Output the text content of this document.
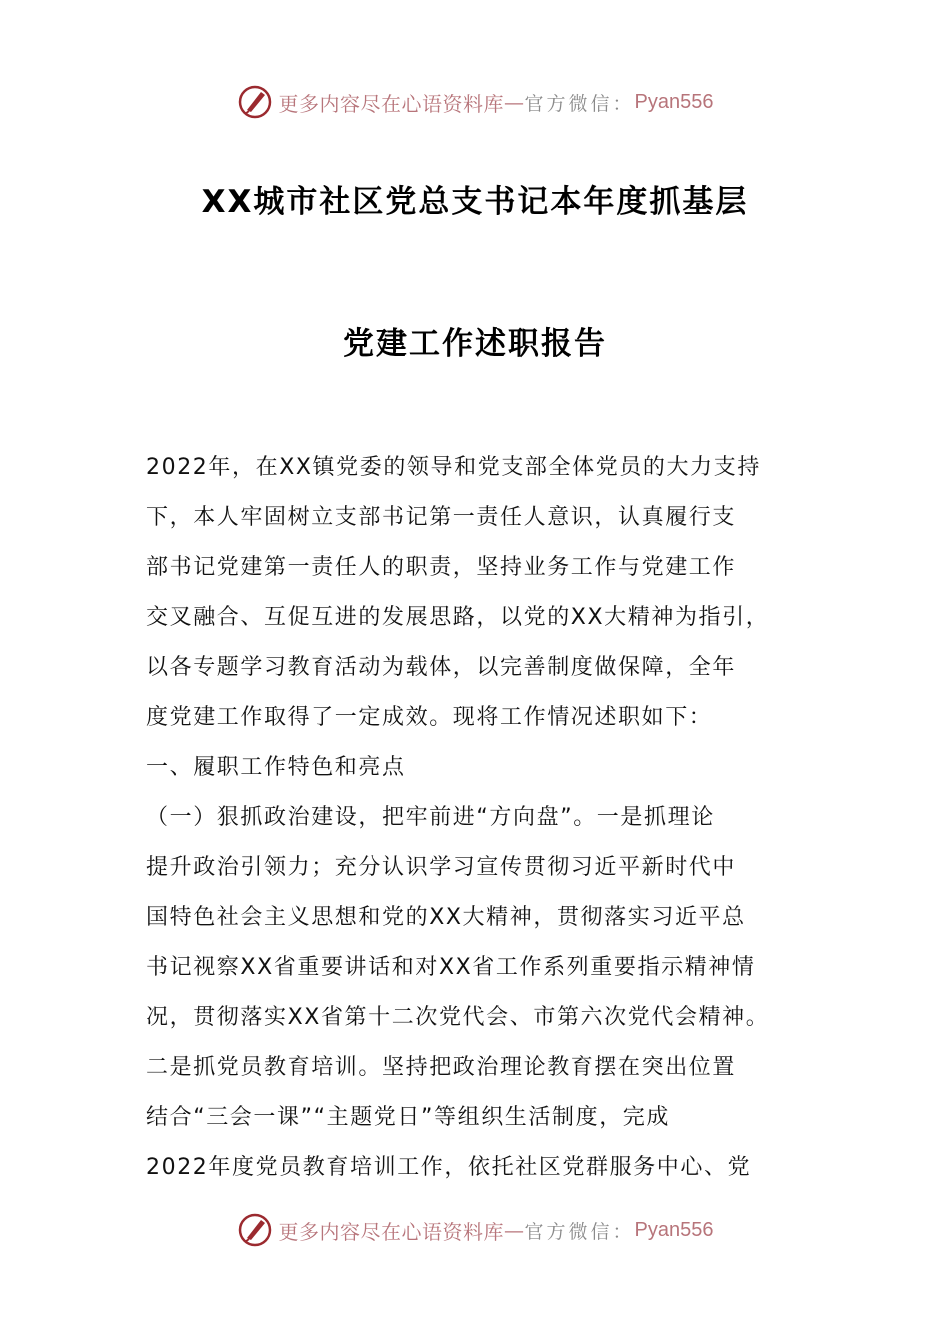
更多内容尽在心语资料库 — 官方微信： Pyan556
XX城市社区党总支书记本年度抓基层
党建工作述职报告
2022年，在XX镇党委的领导和党支部全体党员的大力支持
下，本人牢固树立支部书记第一责任人意识，认真履行支
部书记党建第一责任人的职责，坚持业务工作与党建工作
交叉融合、互促互进的发展思路，以党的XX大精神为指引，
以各专题学习教育活动为载体，以完善制度做保障，全年
度党建工作取得了一定成效。现将工作情况述职如下：
一、履职工作特色和亮点
（一）狠抓政治建设，把牢前进“方向盘”。一是抓理论
提升政治引领力；充分认识学习宣传贯彻习近平新时代中
国特色社会主义思想和党的XX大精神，贯彻落实习近平总
书记视察XX省重要讲话和对XX省工作系列重要指示精神情
况，贯彻落实XX省第十二次党代会、市第六次党代会精神。
二是抓党员教育培训。坚持把政治理论教育摆在突出位置
结合“三会一课”“主题党日”等组织生活制度，完成
2022年度党员教育培训工作，依托社区党群服务中心、党
更多内容尽在心语资料库 — 官方微信： Pyan556
